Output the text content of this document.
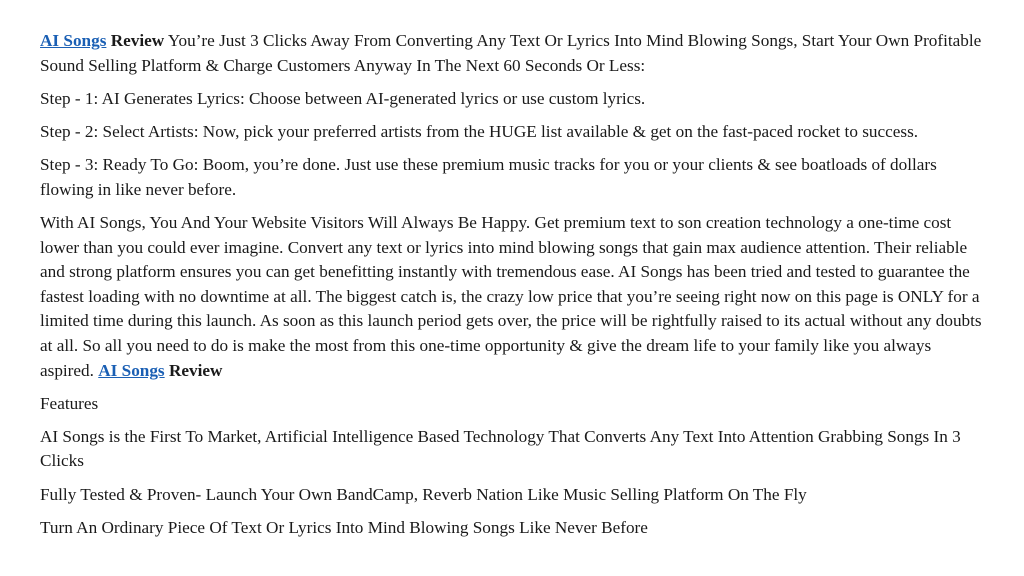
AI Songs Review You’re Just 3 Clicks Away From Converting Any Text Or Lyrics Into Mind Blowing Songs, Start Your Own Profitable Sound Selling Platform & Charge Customers Anyway In The Next 60 Seconds Or Less:

Step - 1: AI Generates Lyrics: Choose between AI-generated lyrics or use custom lyrics.

Step - 2: Select Artists: Now, pick your preferred artists from the HUGE list available & get on the fast-paced rocket to success.

Step - 3: Ready To Go: Boom, you’re done. Just use these premium music tracks for you or your clients & see boatloads of dollars flowing in like never before.

With AI Songs, You And Your Website Visitors Will Always Be Happy. Get premium text to son creation technology a one-time cost lower than you could ever imagine. Convert any text or lyrics into mind blowing songs that gain max audience attention. Their reliable and strong platform ensures you can get benefitting instantly with tremendous ease. AI Songs has been tried and tested to guarantee the fastest loading with no downtime at all. The biggest catch is, the crazy low price that you’re seeing right now on this page is ONLY for a limited time during this launch. As soon as this launch period gets over, the price will be rightfully raised to its actual without any doubts at all. So all you need to do is make the most from this one-time opportunity & give the dream life to your family like you always aspired. AI Songs Review

Features

AI Songs is the First To Market, Artificial Intelligence Based Technology That Converts Any Text Into Attention Grabbing Songs In 3 Clicks

Fully Tested & Proven- Launch Your Own BandCamp, Reverb Nation Like Music Selling Platform On The Fly

Turn An Ordinary Piece Of Text Or Lyrics Into Mind Blowing Songs Like Never Before
